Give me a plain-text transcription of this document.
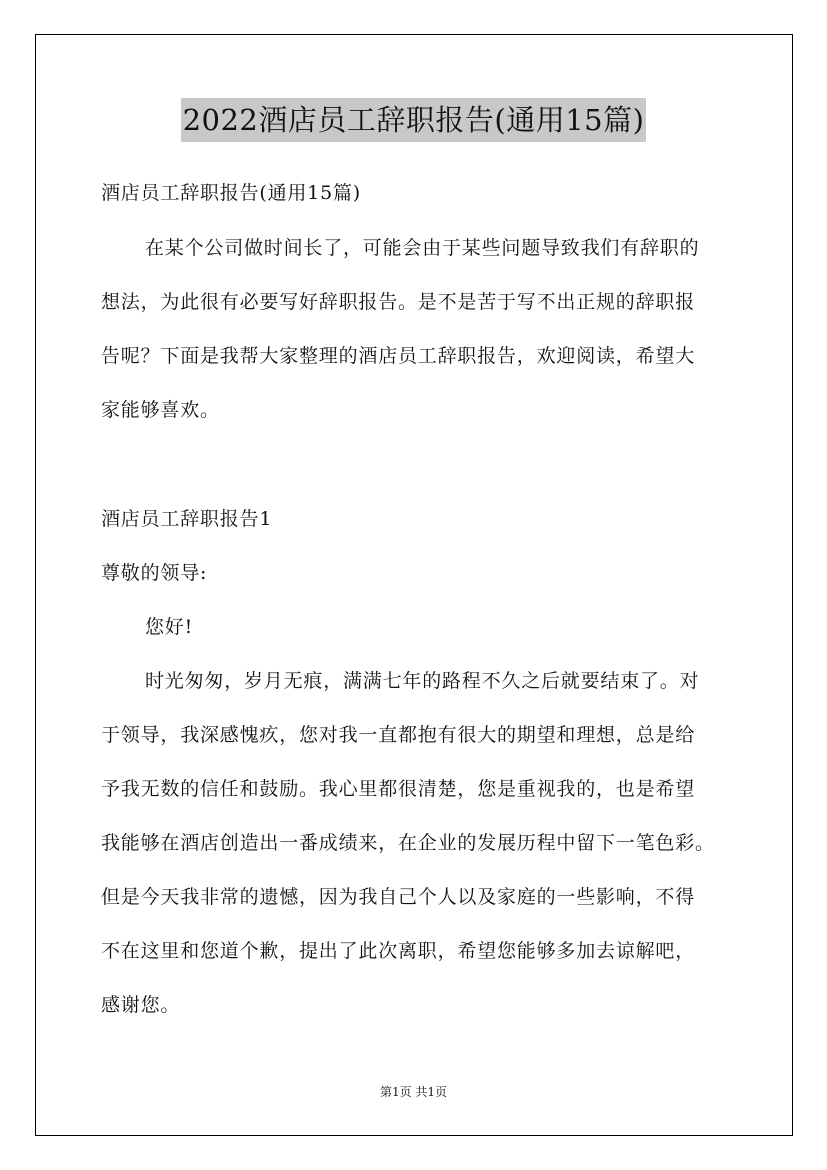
2022酒店员工辞职报告(通用15篇)
酒店员工辞职报告(通用15篇)
在某个公司做时间长了，可能会由于某些问题导致我们有辞职的
想法，为此很有必要写好辞职报告。是不是苦于写不出正规的辞职报
告呢？下面是我帮大家整理的酒店员工辞职报告，欢迎阅读，希望大
家能够喜欢。
酒店员工辞职报告1
尊敬的领导:
您好!
时光匆匆，岁月无痕，满满七年的路程不久之后就要结束了。对
于领导，我深感愧疚，您对我一直都抱有很大的期望和理想，总是给
予我无数的信任和鼓励。我心里都很清楚，您是重视我的，也是希望
我能够在酒店创造出一番成绩来，在企业的发展历程中留下一笔色彩。
但是今天我非常的遗憾，因为我自己个人以及家庭的一些影响，不得
不在这里和您道个歉，提出了此次离职，希望您能够多加去谅解吧，
感谢您。
第1页 共1页
